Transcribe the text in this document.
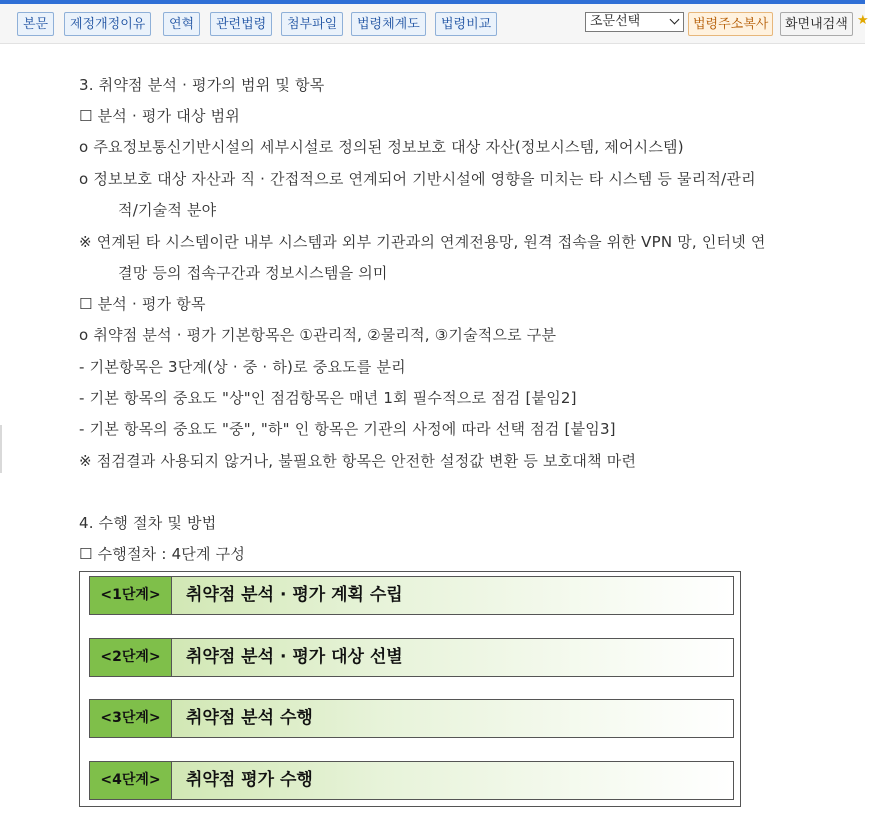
본문	제정개정이유	연혁	관련법령	첨부파일	법령체계도	법령비교	조문선택	법령주소복사	화면내검색 ★
3. 취약점 분석 · 평가의 범위 및 항목
☐ 분석 · 평가 대상 범위
o 주요정보통신기반시설의 세부시설로 정의된 정보보호 대상 자산(정보시스템, 제어시스템)
o 정보보호 대상 자산과 직 · 간접적으로 연계되어 기반시설에 영향을 미치는 타 시스템 등 물리적/관리
적/기술적 분야
※ 연계된 타 시스템이란 내부 시스템과 외부 기관과의 연계전용망, 원격 접속을 위한 VPN 망, 인터넷 연
결망 등의 접속구간과 정보시스템을 의미
☐ 분석 · 평가 항목
o 취약점 분석 · 평가 기본항목은 ①관리적, ②물리적, ③기술적으로 구분
- 기본항목은 3단계(상 · 중 · 하)로 중요도를 분리
- 기본 항목의 중요도 "상"인 점검항목은 매년 1회 필수적으로 점검 [붙임2]
- 기본 항목의 중요도 "중", "하" 인 항목은 기관의 사정에 따라 선택 점검 [붙임3]
※ 점검결과 사용되지 않거나, 불필요한 항목은 안전한 설정값 변환 등 보호대책 마련
4. 수행 절차 및 방법
☐ 수행절차 : 4단계 구성
<1단계>	취약점 분석 · 평가 계획 수립
<2단계>	취약점 분석 · 평가 대상 선별
<3단계>	취약점 분석 수행
<4단계>	취약점 평가 수행
